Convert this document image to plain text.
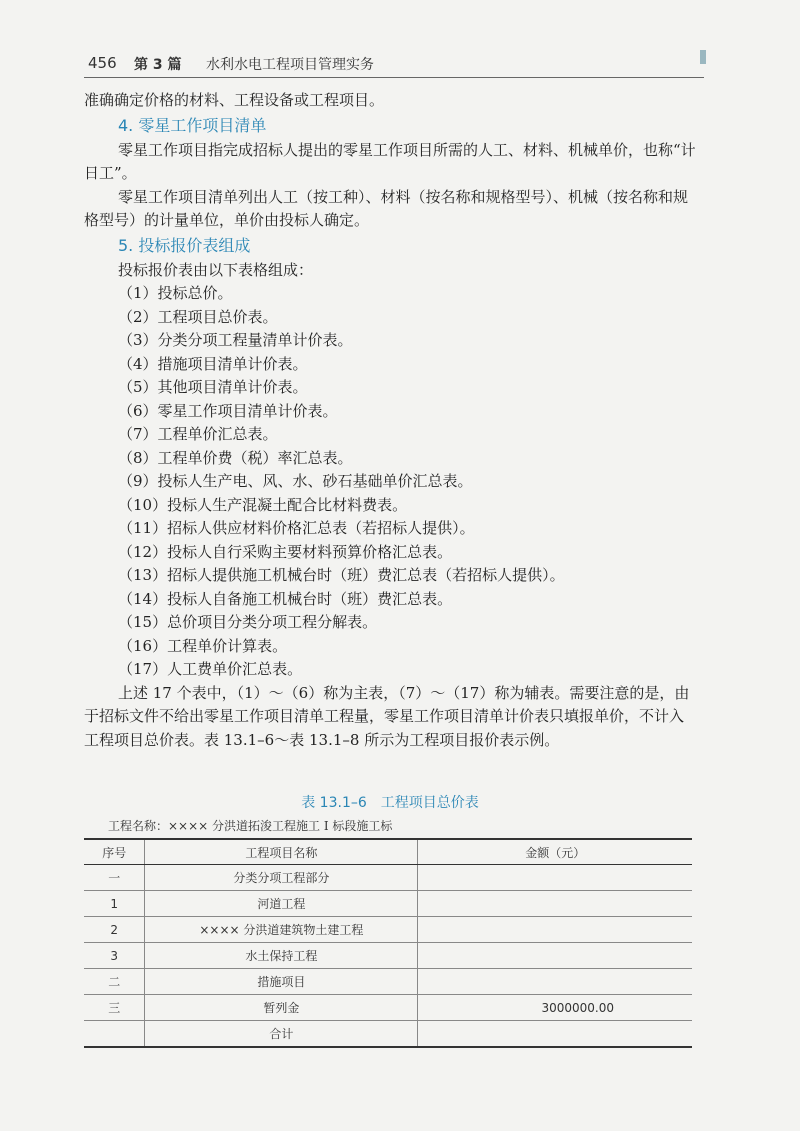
456 第 3 篇 水利水电工程项目管理实务

准确确定价格的材料、工程设备或工程项目。

4. 零星工作项目清单

零星工作项目指完成招标人提出的零星工作项目所需的人工、材料、机械单价，也称“计日工”。

零星工作项目清单列出人工（按工种）、材料（按名称和规格型号）、机械（按名称和规格型号）的计量单位，单价由投标人确定。

5. 投标报价表组成

投标报价表由以下表格组成：

（1）投标总价。

（2）工程项目总价表。

（3）分类分项工程量清单计价表。

（4）措施项目清单计价表。

（5）其他项目清单计价表。

（6）零星工作项目清单计价表。

（7）工程单价汇总表。

（8）工程单价费（税）率汇总表。

（9）投标人生产电、风、水、砂石基础单价汇总表。

（10）投标人生产混凝土配合比材料费表。

（11）招标人供应材料价格汇总表（若招标人提供）。

（12）投标人自行采购主要材料预算价格汇总表。

（13）招标人提供施工机械台时（班）费汇总表（若招标人提供）。

（14）投标人自备施工机械台时（班）费汇总表。

（15）总价项目分类分项工程分解表。

（16）工程单价计算表。

（17）人工费单价汇总表。

上述 17 个表中，（1）～（6）称为主表，（7）～（17）称为辅表。需要注意的是，由于招标文件不给出零星工作项目清单工程量，零星工作项目清单计价表只填报单价，不计入工程项目总价表。表 13.1–6～表 13.1–8 所示为工程项目报价表示例。

表 13.1–6　工程项目总价表
工程名称：×××× 分洪道拓浚工程施工 I 标段施工标
序号	工程项目名称	金额（元）
一	分类分项工程部分	
1	河道工程	
2	×××× 分洪道建筑物土建工程	
3	水土保持工程	
二	措施项目	
三	暂列金	3000000.00
	合计	
